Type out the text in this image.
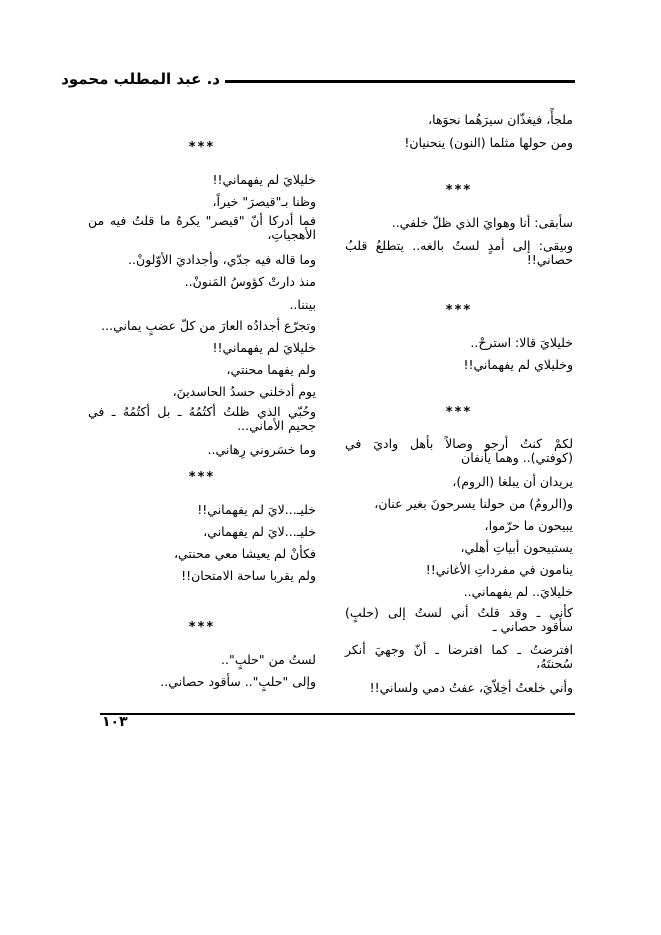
د. عبد المطلب محمود
ملجأً، فيغذّان سيرَهُما نحوَها،
ومن حولها مثلما (النون) ينحنيان!
***
سأبقى: أنا وهوايَ الذي ظلّ خلفي..
وبيقى: إلى أمدٍ لستُ بالغه.. يتطلعُ قلبُ حصاني!!
***
خليلايَ قالا: استرحْ..
وخليلاي لم يفهماني!!
***
لكمْ كنتُ أرجو وصالاً بأهل واديَ في (كوفتي).. وهما يأنفان
يريدان أن يبلغا (الروم)،
و(الرومُ) من حولنا يسرحونَ بغير عنان،
يبيحون ما حرّموا،
يستبيحون أبياتِ أهلي،
ينامون في مفرداتِ الأغاني!!
خليلايَ.. لم يفهماني..
كأني ـ وقد قلتُ أني لستُ إلى (حلبٍ) سأقود حصاني ـ
افترضتُ ـ كما افترضا ـ أنّ وجهيَ أنكر سُحنتَهُ،
وأني خلعتُ أخِلاّيَ، عفتُ دمي ولساني!!
***
خليلايَ لم يفهماني!!
وظنا بـ"قيصرَ" خيراً،
فما أدركا أنّ "قيصر" يكرهُ ما قلتُ فيه من الأهجياتِ،
وما قاله فيه جدّي، وأجداديَ الأوّلونْ..
منذ دارتْ كؤوسُ المَنونْ..
بيننا..
وتجرّع أجدادُه العارَ من كلّ عضبٍ يماني...
خليلايَ لم يفهماني!!
ولم يفهما محنتي،
يوم أدخلني حسدُ الحاسدينَ،
وحُبّي الذي ظلتُ أكتُمُهُ ـ بل أكتُمُهُ ـ في جحيم الأماني...
وما خسَروني رِهاني..
***
خليـ...لايَ لم يفهماني!!
خليـ...لايَ لم يفهماني،
فكأنْ لم يعيشا معي محنتي،
ولم يقربا ساحة الامتحان!!
***
لستُ من "حلبٍ"..
وإلى "حلبٍ".. سأقود حصاني..
١٠٣
